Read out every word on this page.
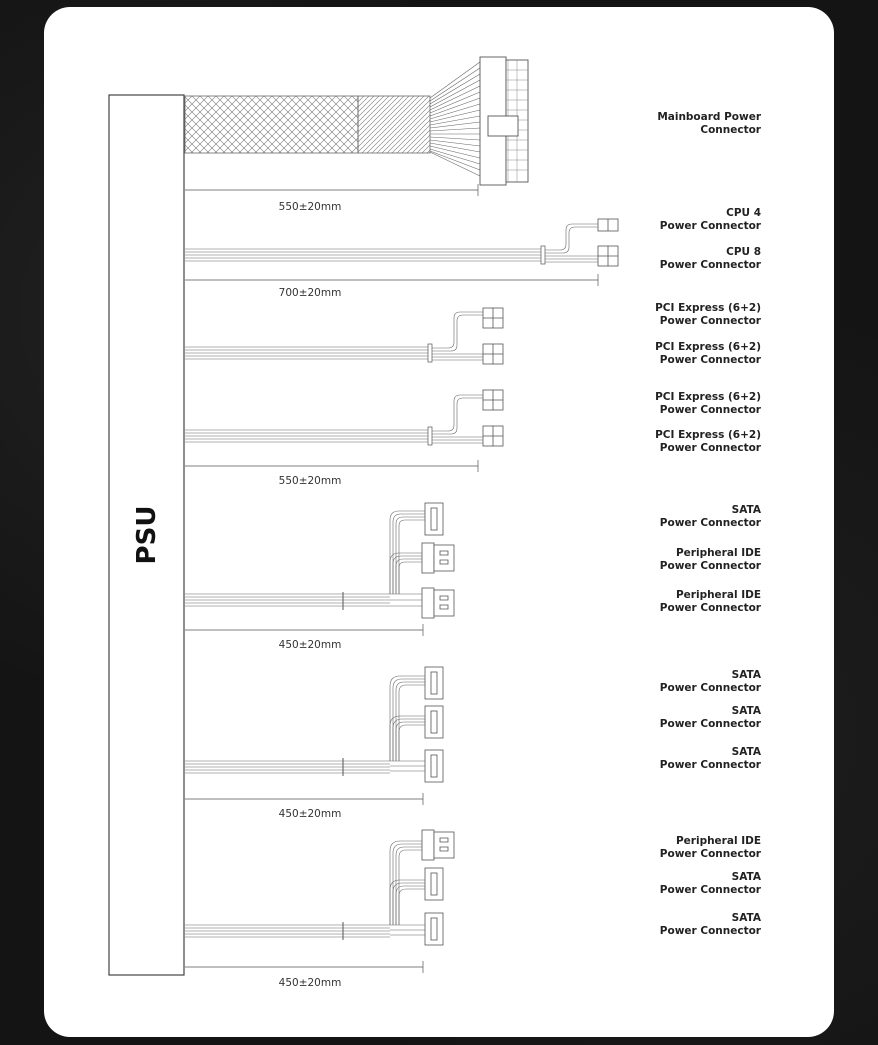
PSU
550±20mm
700±20mm
550±20mm
450±20mm
450±20mm
450±20mm
Mainboard Power Connector
CPU 4 Power Connector
CPU 8 Power Connector
PCI Express (6+2) Power Connector
PCI Express (6+2) Power Connector
PCI Express (6+2) Power Connector
PCI Express (6+2) Power Connector
SATA Power Connector
Peripheral IDE Power Connector
Peripheral IDE Power Connector
SATA Power Connector
SATA Power Connector
SATA Power Connector
Peripheral IDE Power Connector
SATA Power Connector
SATA Power Connector
